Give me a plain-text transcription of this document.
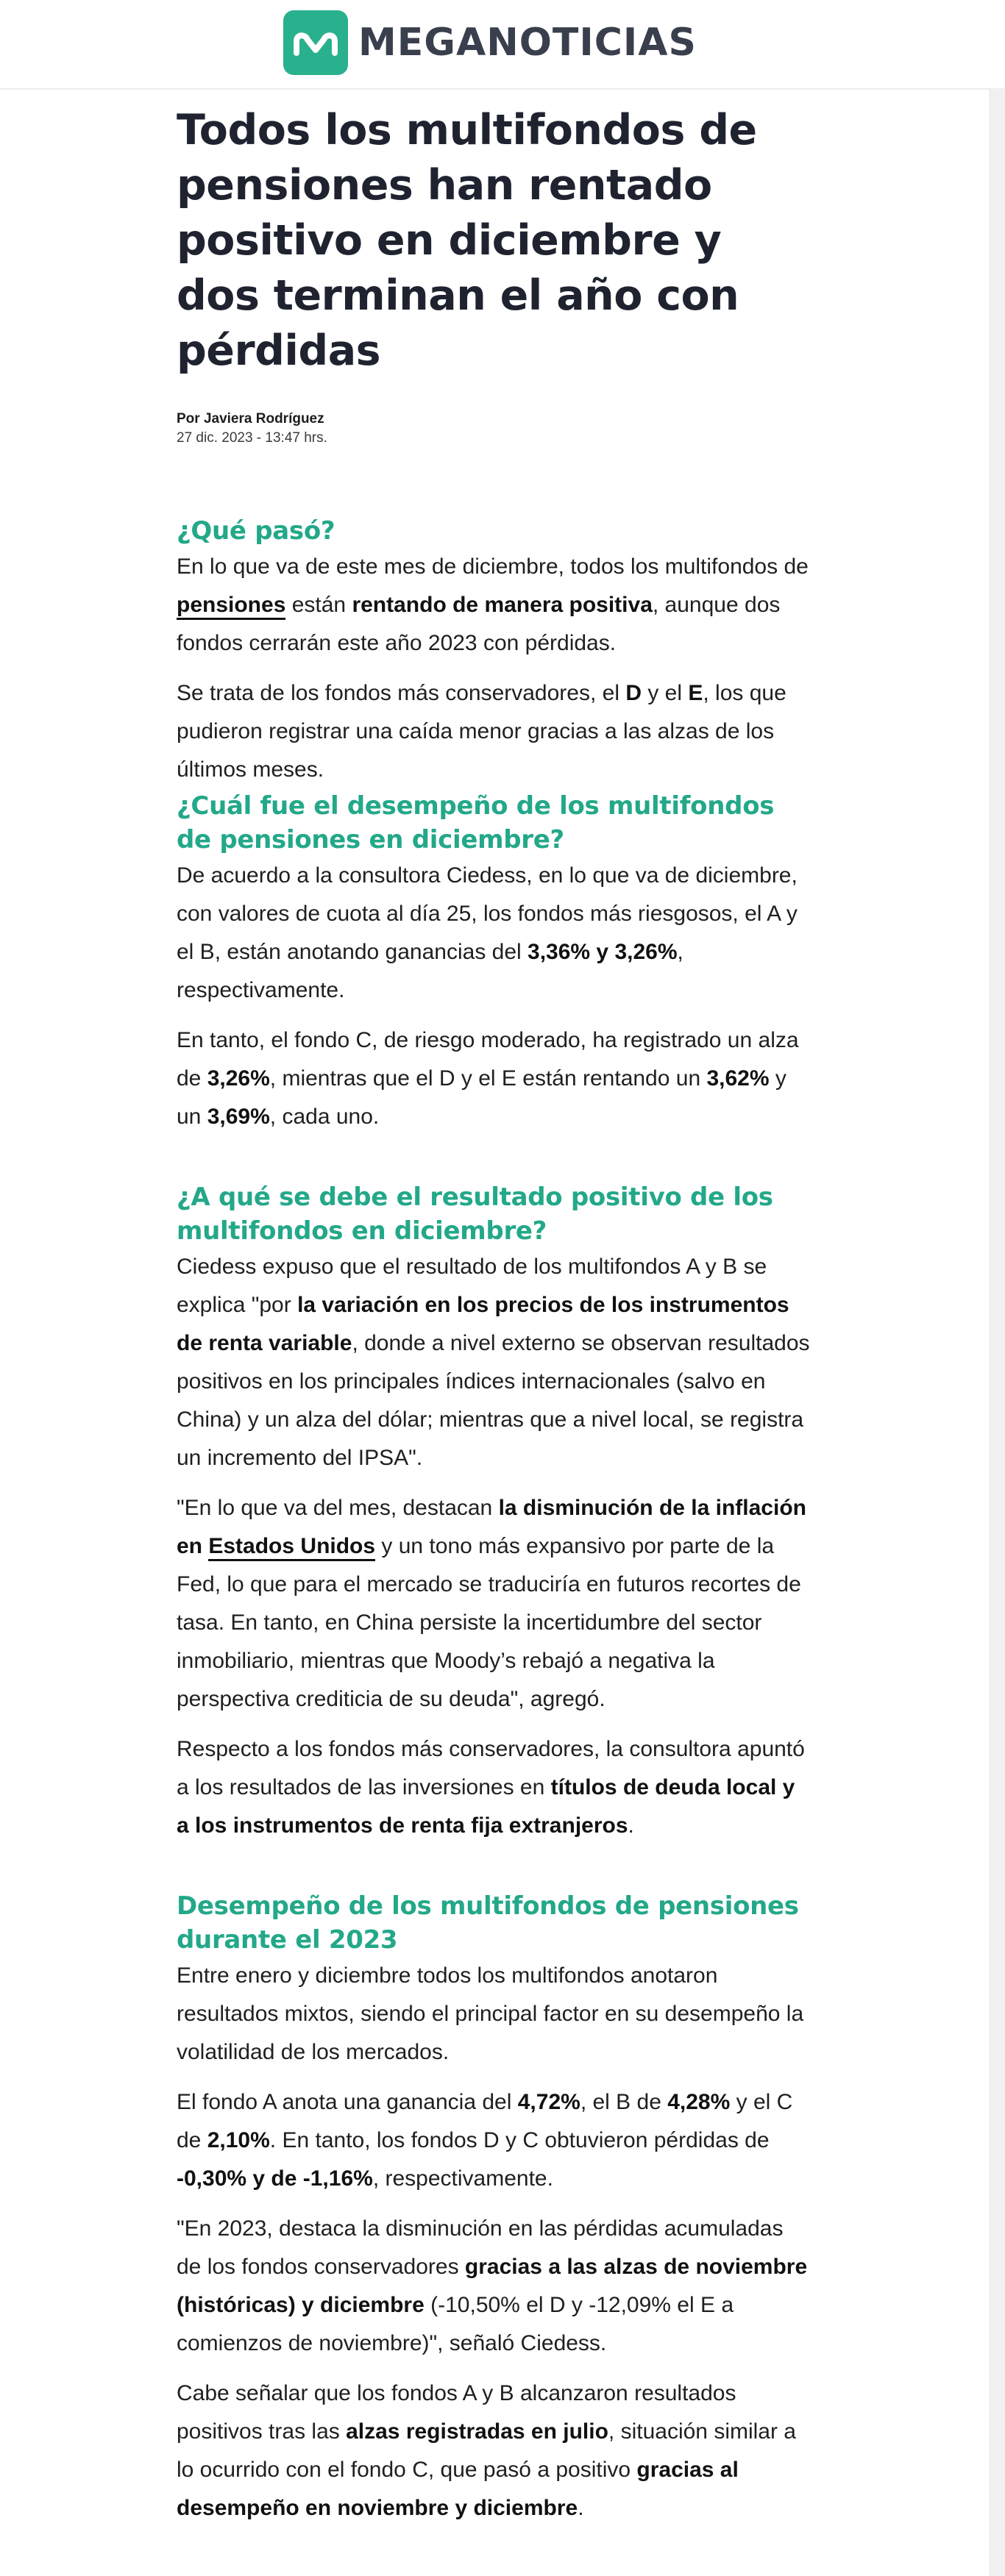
MEGANOTICIAS
Todos los multifondos de pensiones han rentado positivo en diciembre y dos terminan el año con pérdidas
Por Javiera Rodríguez
27 dic. 2023 - 13:47 hrs.
¿Qué pasó?

En lo que va de este mes de diciembre, todos los multifondos de pensiones están rentando de manera positiva, aunque dos fondos cerrarán este año 2023 con pérdidas.

Se trata de los fondos más conservadores, el D y el E, los que pudieron registrar una caída menor gracias a las alzas de los últimos meses.

¿Cuál fue el desempeño de los multifondos de pensiones en diciembre?

De acuerdo a la consultora Ciedess, en lo que va de diciembre, con valores de cuota al día 25, los fondos más riesgosos, el A y el B, están anotando ganancias del 3,36% y 3,26%, respectivamente.

En tanto, el fondo C, de riesgo moderado, ha registrado un alza de 3,26%, mientras que el D y el E están rentando un 3,62% y un 3,69%, cada uno.

¿A qué se debe el resultado positivo de los multifondos en diciembre?

Ciedess expuso que el resultado de los multifondos A y B se explica "por la variación en los precios de los instrumentos de renta variable, donde a nivel externo se observan resultados positivos en los principales índices internacionales (salvo en China) y un alza del dólar; mientras que a nivel local, se registra un incremento del IPSA".

"En lo que va del mes, destacan la disminución de la inflación en Estados Unidos y un tono más expansivo por parte de la Fed, lo que para el mercado se traduciría en futuros recortes de tasa. En tanto, en China persiste la incertidumbre del sector inmobiliario, mientras que Moody’s rebajó a negativa la perspectiva crediticia de su deuda", agregó.

Respecto a los fondos más conservadores, la consultora apuntó a los resultados de las inversiones en títulos de deuda local y a los instrumentos de renta fija extranjeros.

Desempeño de los multifondos de pensiones durante el 2023

Entre enero y diciembre todos los multifondos anotaron resultados mixtos, siendo el principal factor en su desempeño la volatilidad de los mercados.

El fondo A anota una ganancia del 4,72%, el B de 4,28% y el C de 2,10%. En tanto, los fondos D y C obtuvieron pérdidas de -0,30% y de -1,16%, respectivamente.

"En 2023, destaca la disminución en las pérdidas acumuladas de los fondos conservadores gracias a las alzas de noviembre (históricas) y diciembre (-10,50% el D y -12,09% el E a comienzos de noviembre)", señaló Ciedess.

Cabe señalar que los fondos A y B alcanzaron resultados positivos tras las alzas registradas en julio, situación similar a lo ocurrido con el fondo C, que pasó a positivo gracias al desempeño en noviembre y diciembre.
